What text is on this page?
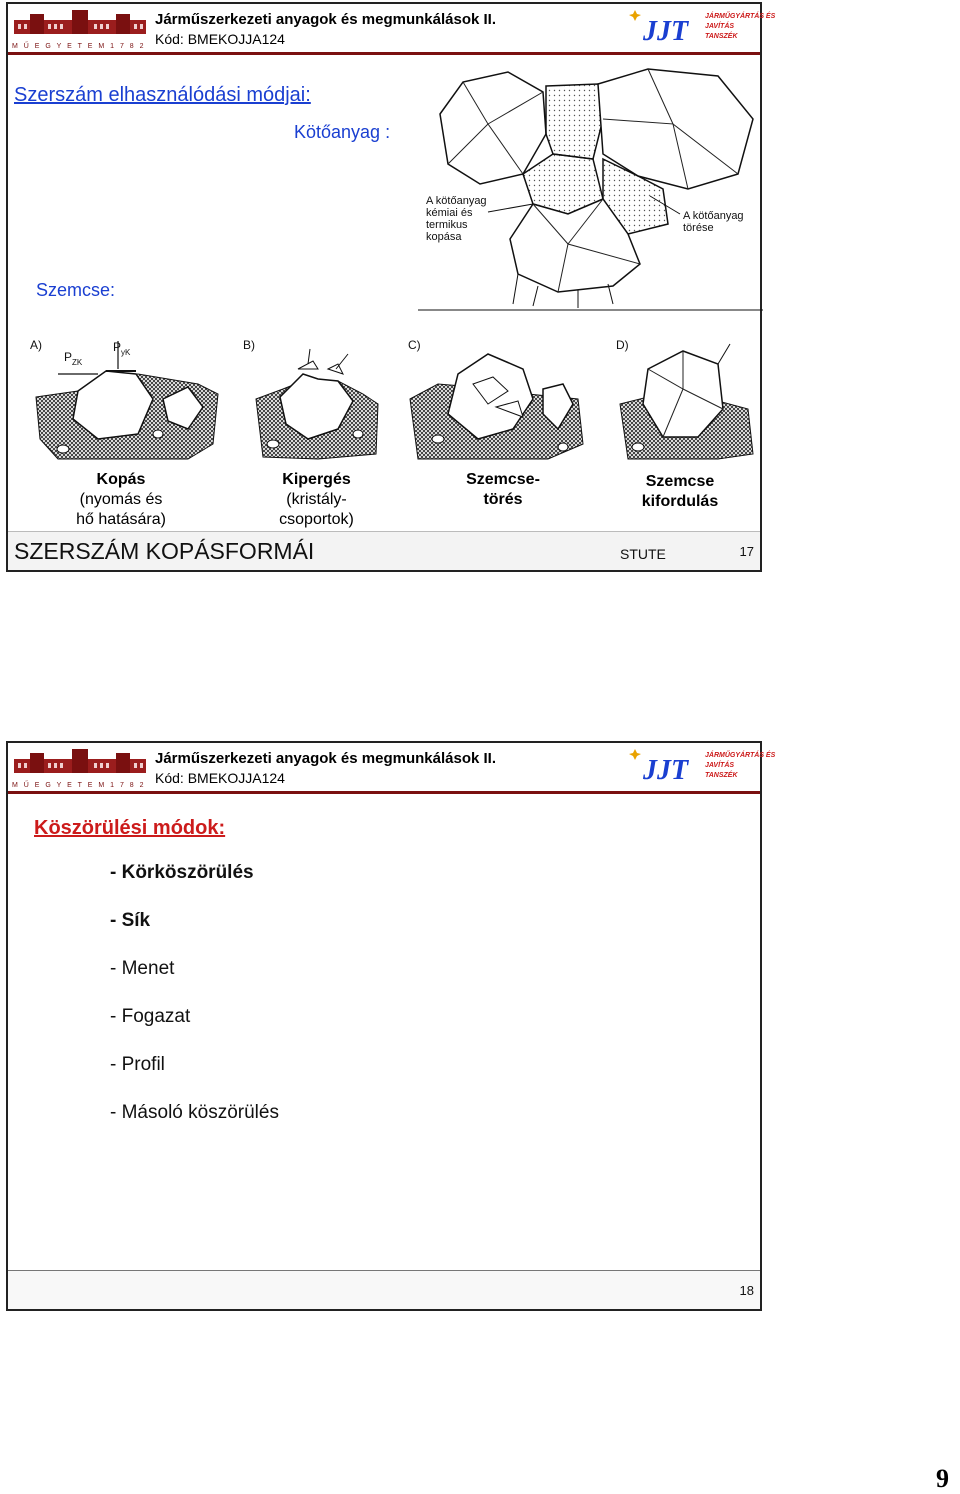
M Ű E G Y E T E M 1 7 8 2
Járműszerkezeti anyagok és megmunkálások II.
Kód: BMEKOJJA124	JJT JÁRMŰGYÁRTÁS ÉS
JAVÍTÁS
TANSZÉK
Szerszám elhasználódási módjai:
Kötőanyag :
Szemcse:
A kötőanyag
kémiai és
termikus
kopása
A kötőanyag
törése
A)	B)	C)	D)
P ZK
P yK
Kopás
(nyomás és
hő hatására)
Kipergés
(kristály-
csoportok)
Szemcse-
törés
Szemcse
kifordulás
SZERSZÁM KOPÁSFORMÁI	STUTE	17
M Ű E G Y E T E M 1 7 8 2
Járműszerkezeti anyagok és megmunkálások II.
Kód: BMEKOJJA124	JJT JÁRMŰGYÁRTÁS ÉS
JAVÍTÁS
TANSZÉK
Köszörülési módok:
- Körköszörülés
- Sík
- Menet
- Fogazat
- Profil
- Másoló köszörülés
18
9
